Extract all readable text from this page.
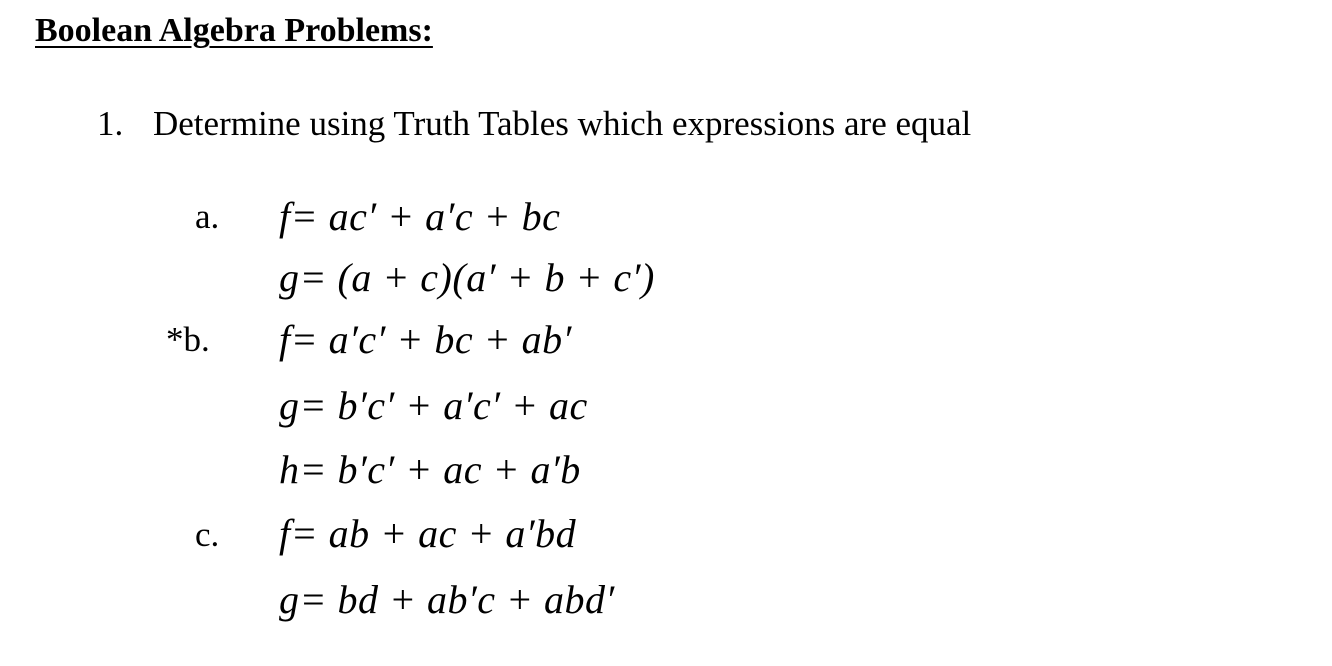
Boolean Algebra Problems:
1. Determine using Truth Tables which expressions are equal
a. f= ac′ + a′c + bc
g= (a + c)(a′ + b + c′)
*b. f= a′c′ + bc + ab′
g= b′c′ + a′c′ + ac
h= b′c′ + ac + a′b
c. f= ab + ac + a′bd
g= bd + ab′c + abd′
